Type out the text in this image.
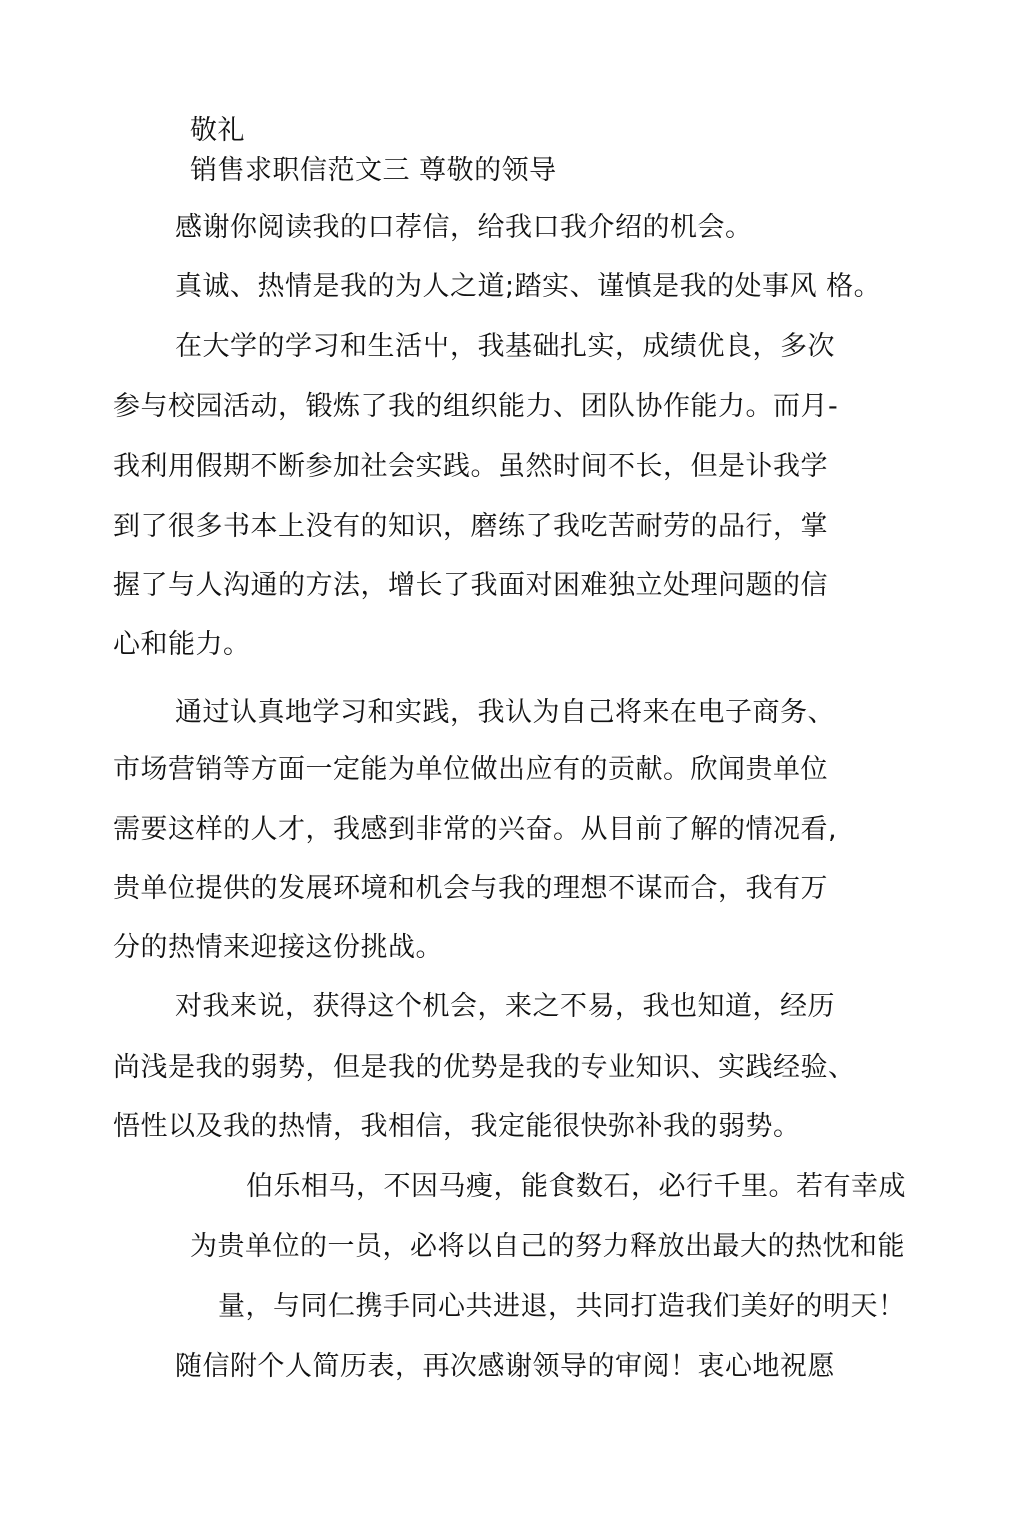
敬礼
销售求职信范文三 尊敬的领导
感谢你阅读我的口荐信，给我口我介绍的机会。
真诚、热情是我的为人之道;踏实、谨慎是我的处事风 格。
在大学的学习和生活屮，我基础扎实，成绩优良，多次
参与校园活动，锻炼了我的组织能力、团队协作能力。而月-
我利用假期不断参加社会实践。虽然时间不长，但是讣我学
到了很多书本上没有的知识，磨练了我吃苦耐劳的品行，掌
握了与人沟通的方法，增长了我面对困难独立处理问题的信
心和能力。
通过认真地学习和实践，我认为自己将来在电子商务、
市场营销等方面一定能为单位做出应有的贡献。欣闻贵单位
需要这样的人才，我感到非常的兴奋。从目前了解的情况看,
贵单位提供的发展环境和机会与我的理想不谋而合，我有万
分的热情来迎接这份挑战。
对我来说，获得这个机会，来之不易，我也知道，经历
尚浅是我的弱势，但是我的优势是我的专业知识、实践经验、
悟性以及我的热情，我相信，我定能很快弥补我的弱势。
伯乐相马，不因马瘦，能食数石，必行千里。若有幸成
为贵单位的一员，必将以自己的努力释放出最大的热忱和能
量，与同仁携手同心共进退，共同打造我们美好的明天！
随信附个人简历表，再次感谢领导的审阅！衷心地祝愿
